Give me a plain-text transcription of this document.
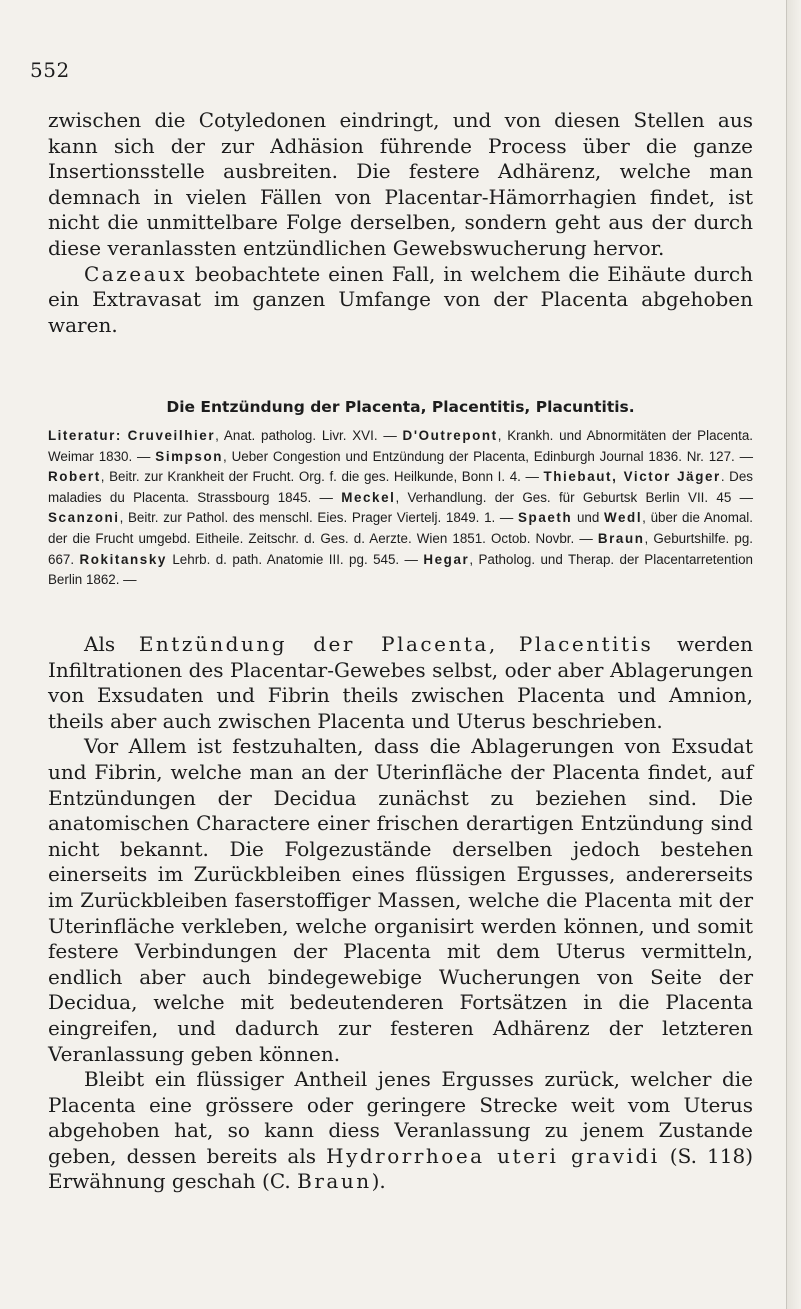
552

zwischen die Cotyledonen eindringt, und von diesen Stellen aus kann sich der zur Adhäsion führende Process über die ganze Insertionsstelle ausbreiten. Die festere Adhärenz, welche man demnach in vielen Fällen von Placentar-Hämorrhagien findet, ist nicht die unmittelbare Folge derselben, sondern geht aus der durch diese veranlassten entzündlichen Gewebswucherung hervor.

Cazeaux beobachtete einen Fall, in welchem die Eihäute durch ein Extravasat im ganzen Umfange von der Placenta abgehoben waren.

Die Entzündung der Placenta, Placentitis, Placuntitis.

Literatur: Cruveilhier, Anat. patholog. Livr. XVI. — D'Outrepont, Krankh. und Abnormitäten der Placenta. Weimar 1830. — Simpson, Ueber Congestion und Entzündung der Placenta, Edinburgh Journal 1836. Nr. 127. — Robert, Beitr. zur Krankheit der Frucht. Org. f. die ges. Heilkunde, Bonn I. 4. — Thiebaut, Victor Jäger. Des maladies du Placenta. Strassbourg 1845. — Meckel, Verhandlung. der Ges. für Geburtsk Berlin VII. 45 — Scanzoni, Beitr. zur Pathol. des menschl. Eies. Prager Viertelj. 1849. 1. — Spaeth und Wedl, über die Anomal. der die Frucht umgebd. Eitheile. Zeitschr. d. Ges. d. Aerzte. Wien 1851. Octob. Novbr. — Braun, Geburtshilfe. pg. 667. Rokitansky Lehrb. d. path. Anatomie III. pg. 545. — Hegar, Patholog. und Therap. der Placentarretention Berlin 1862. —

Als Entzündung der Placenta, Placentitis werden Infiltrationen des Placentar-Gewebes selbst, oder aber Ablagerungen von Exsudaten und Fibrin theils zwischen Placenta und Amnion, theils aber auch zwischen Placenta und Uterus beschrieben.

Vor Allem ist festzuhalten, dass die Ablagerungen von Exsudat und Fibrin, welche man an der Uterinfläche der Placenta findet, auf Entzündungen der Decidua zunächst zu beziehen sind. Die anatomischen Charactere einer frischen derartigen Entzündung sind nicht bekannt. Die Folgezustände derselben jedoch bestehen einerseits im Zurückbleiben eines flüssigen Ergusses, andererseits im Zurückbleiben faserstoffiger Massen, welche die Placenta mit der Uterinfläche verkleben, welche organisirt werden können, und somit festere Verbindungen der Placenta mit dem Uterus vermitteln, endlich aber auch bindegewebige Wucherungen von Seite der Decidua, welche mit bedeutenderen Fortsätzen in die Placenta eingreifen, und dadurch zur festeren Adhärenz der letzteren Veranlassung geben können.

Bleibt ein flüssiger Antheil jenes Ergusses zurück, welcher die Placenta eine grössere oder geringere Strecke weit vom Uterus abgehoben hat, so kann diess Veranlassung zu jenem Zustande geben, dessen bereits als Hydrorrhoea uteri gravidi (S. 118) Erwähnung geschah (C. Braun).
